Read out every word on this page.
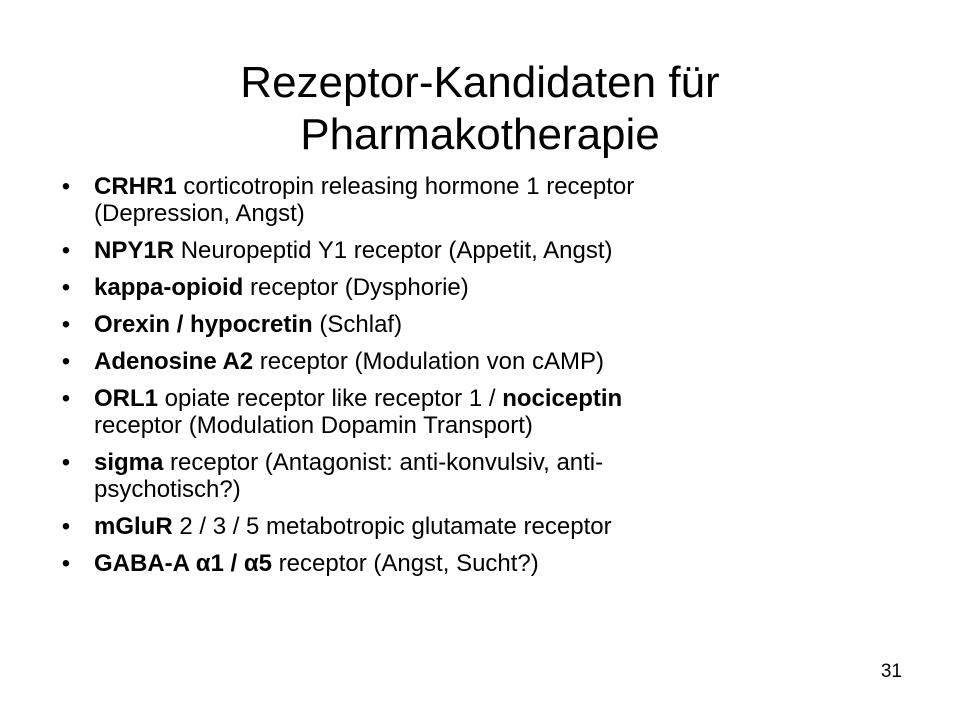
Rezeptor-Kandidaten für
Pharmakotherapie
• CRHR1 corticotropin releasing hormone 1 receptor
(Depression, Angst)
• NPY1R Neuropeptid Y1 receptor (Appetit, Angst)
• kappa-opioid receptor (Dysphorie)
• Orexin / hypocretin (Schlaf)
• Adenosine A2 receptor (Modulation von cAMP)
• ORL1 opiate receptor like receptor 1 / nociceptin
receptor (Modulation Dopamin Transport)
• sigma receptor (Antagonist: anti-konvulsiv, anti-
psychotisch?)
• mGluR 2 / 3 / 5 metabotropic glutamate receptor
• GABA-A α1 / α5 receptor (Angst, Sucht?)
31
